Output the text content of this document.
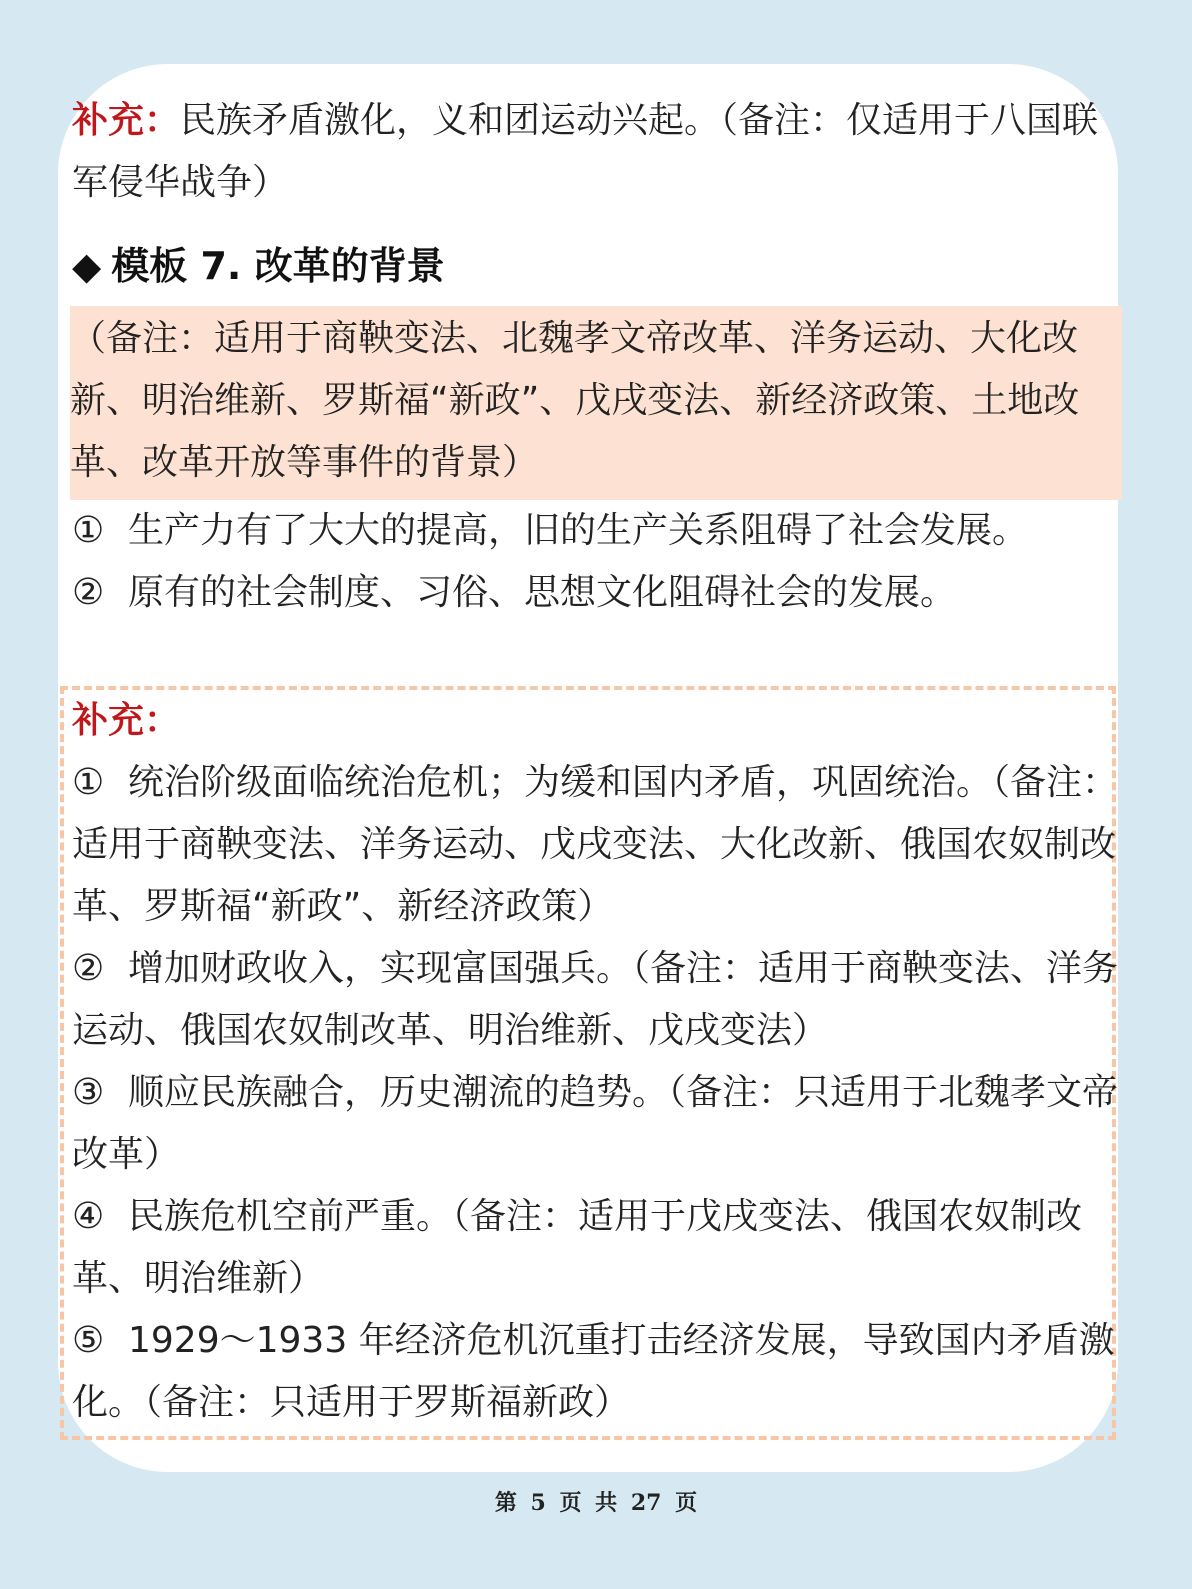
补充：民族矛盾激化，义和团运动兴起。（备注：仅适用于八国联军侵华战争）

◆ 模板 7. 改革的背景
（备注：适用于商鞅变法、北魏孝文帝改革、洋务运动、大化改新、明治维新、罗斯福“新政”、戊戌变法、新经济政策、土地改革、改革开放等事件的背景）
① 生产力有了大大的提高，旧的生产关系阻碍了社会发展。
② 原有的社会制度、习俗、思想文化阻碍社会的发展。
补充：
① 统治阶级面临统治危机；为缓和国内矛盾，巩固统治。（备注：适用于商鞅变法、洋务运动、戊戌变法、大化改新、俄国农奴制改革、罗斯福“新政”、新经济政策）
② 增加财政收入，实现富国强兵。（备注：适用于商鞅变法、洋务运动、俄国农奴制改革、明治维新、戊戌变法）
③ 顺应民族融合，历史潮流的趋势。（备注：只适用于北魏孝文帝改革）
④ 民族危机空前严重。（备注：适用于戊戌变法、俄国农奴制改革、明治维新）
⑤ 1929～1933 年经济危机沉重打击经济发展，导致国内矛盾激化。（备注：只适用于罗斯福新政）
第 5 页 共 27 页
